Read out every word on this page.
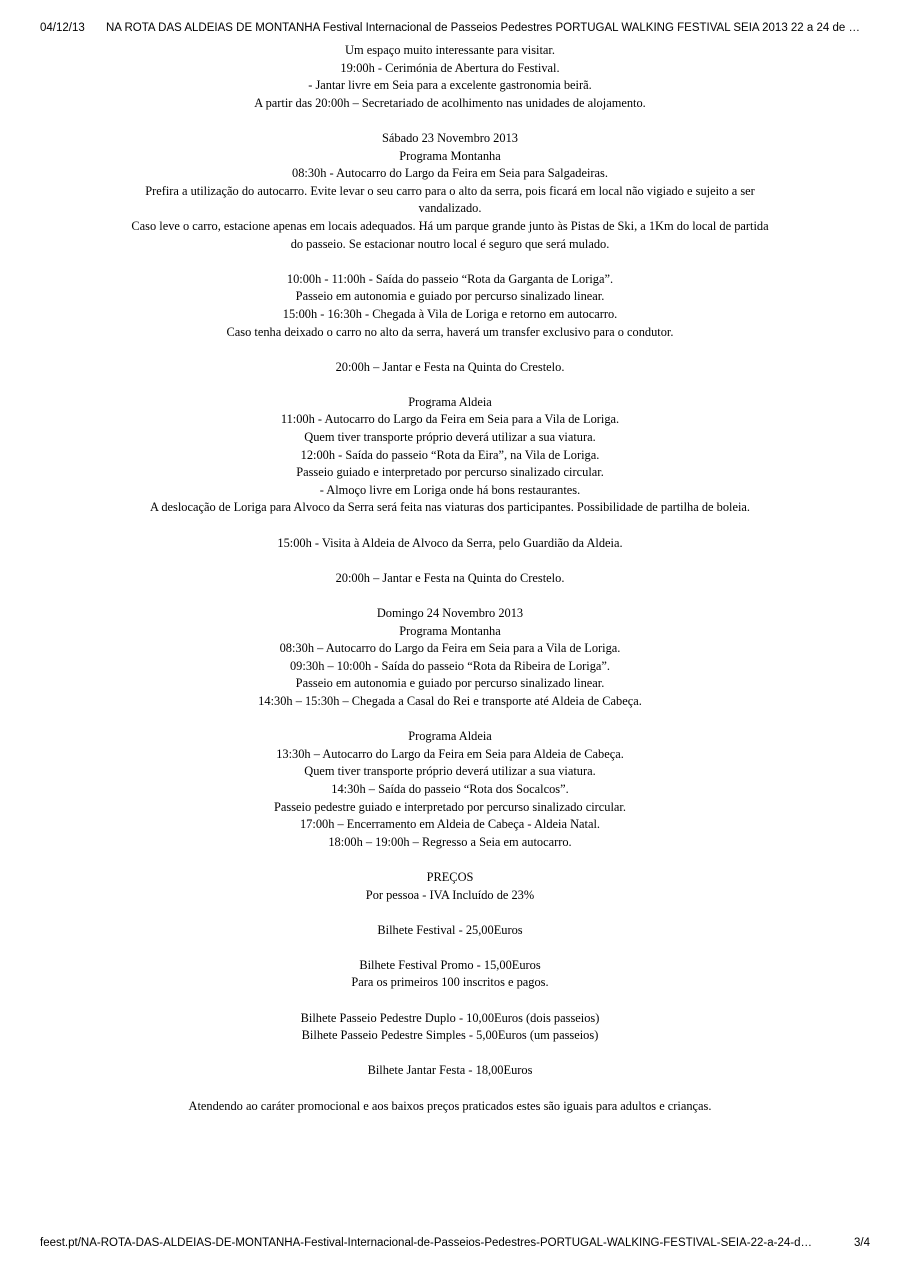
04/12/13 NA ROTA DAS ALDEIAS DE MONTANHA Festival Internacional de Passeios Pedestres PORTUGAL WALKING FESTIVAL SEIA 2013 22 a 24 de …

Um espaço muito interessante para visitar.

19:00h - Cerimónia de Abertura do Festival.

- Jantar livre em Seia para a excelente gastronomia beirã.

A partir das 20:00h – Secretariado de acolhimento nas unidades de alojamento.

Sábado 23 Novembro 2013

Programa Montanha

08:30h - Autocarro do Largo da Feira em Seia para Salgadeiras.

Prefira a utilização do autocarro. Evite levar o seu carro para o alto da serra, pois ficará em local não vigiado e sujeito a ser vandalizado.

Caso leve o carro, estacione apenas em locais adequados. Há um parque grande junto às Pistas de Ski, a 1Km do local de partida do passeio. Se estacionar noutro local é seguro que será mulado.

10:00h - 11:00h - Saída do passeio “Rota da Garganta de Loriga”.

Passeio em autonomia e guiado por percurso sinalizado linear.

15:00h - 16:30h - Chegada à Vila de Loriga e retorno em autocarro.

Caso tenha deixado o carro no alto da serra, haverá um transfer exclusivo para o condutor.

20:00h – Jantar e Festa na Quinta do Crestelo.

Programa Aldeia

11:00h - Autocarro do Largo da Feira em Seia para a Vila de Loriga.

Quem tiver transporte próprio deverá utilizar a sua viatura.

12:00h - Saída do passeio “Rota da Eira”, na Vila de Loriga.

Passeio guiado e interpretado por percurso sinalizado circular.

- Almoço livre em Loriga onde há bons restaurantes.

A deslocação de Loriga para Alvoco da Serra será feita nas viaturas dos participantes. Possibilidade de partilha de boleia.

15:00h - Visita à Aldeia de Alvoco da Serra, pelo Guardião da Aldeia.

20:00h – Jantar e Festa na Quinta do Crestelo.

Domingo 24 Novembro 2013

Programa Montanha

08:30h – Autocarro do Largo da Feira em Seia para a Vila de Loriga.

09:30h – 10:00h - Saída do passeio “Rota da Ribeira de Loriga”.

Passeio em autonomia e guiado por percurso sinalizado linear.

14:30h – 15:30h – Chegada a Casal do Rei e transporte até Aldeia de Cabeça.

Programa Aldeia

13:30h – Autocarro do Largo da Feira em Seia para Aldeia de Cabeça.

Quem tiver transporte próprio deverá utilizar a sua viatura.

14:30h – Saída do passeio “Rota dos Socalcos”.

Passeio pedestre guiado e interpretado por percurso sinalizado circular.

17:00h – Encerramento em Aldeia de Cabeça - Aldeia Natal.

18:00h – 19:00h – Regresso a Seia em autocarro.

PREÇOS

Por pessoa - IVA Incluído de 23%

Bilhete Festival - 25,00Euros

Bilhete Festival Promo - 15,00Euros

Para os primeiros 100 inscritos e pagos.

Bilhete Passeio Pedestre Duplo - 10,00Euros (dois passeios)

Bilhete Passeio Pedestre Simples - 5,00Euros (um passeios)

Bilhete Jantar Festa - 18,00Euros

Atendendo ao caráter promocional e aos baixos preços praticados estes são iguais para adultos e crianças.

feest.pt/NA-ROTA-DAS-ALDEIAS-DE-MONTANHA-Festival-Internacional-de-Passeios-Pedestres-PORTUGAL-WALKING-FESTIVAL-SEIA-22-a-24-d…	3/4
